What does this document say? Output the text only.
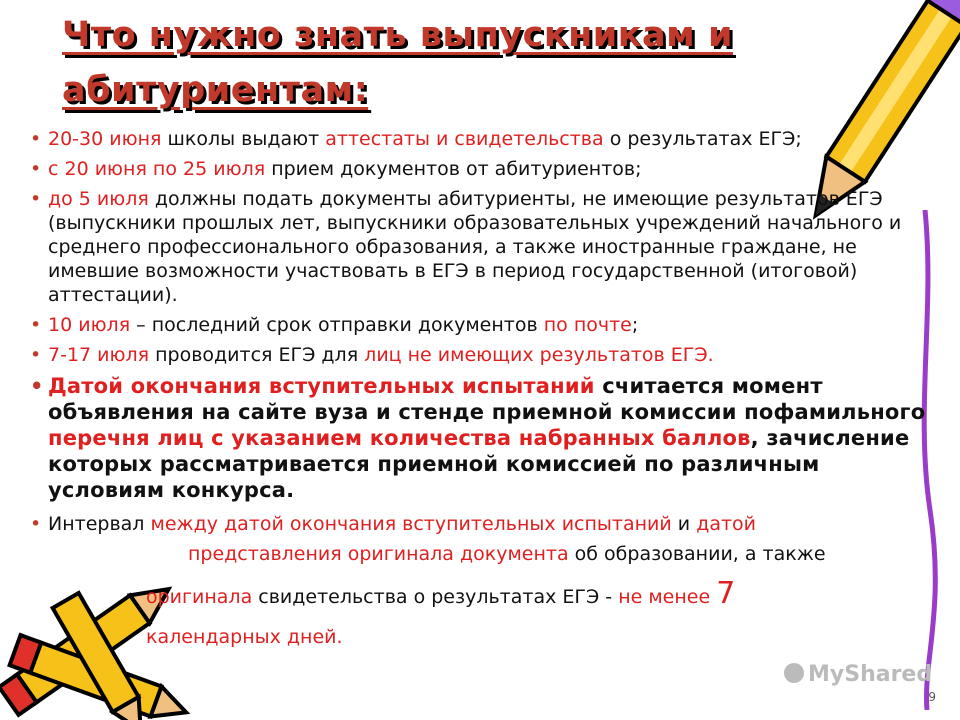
Что нужно знать выпускникам и абитуриентам:
• 20-30 июня школы выдают аттестаты и свидетельства о результатах ЕГЭ;
• с 20 июня по 25 июля прием документов от абитуриентов;
• до 5 июля должны подать документы абитуриенты, не имеющие результатов ЕГЭ (выпускники прошлых лет, выпускники образовательных учреждений начального и среднего профессионального образования, а также иностранные граждане, не имевшие возможности участвовать в ЕГЭ в период государственной (итоговой) аттестации).
• 10 июля – последний срок отправки документов по почте;
• 7-17 июля проводится ЕГЭ для лиц не имеющих результатов ЕГЭ.
• Датой окончания вступительных испытаний считается момент объявления на сайте вуза и стенде приемной комиссии пофамильного перечня лиц с указанием количества набранных баллов, зачисление которых рассматривается приемной комиссией по различным условиям конкурса.
• Интервал между датой окончания вступительных испытаний и датой
представления оригинала документа об образовании, а также
оригинала свидетельства о результатах ЕГЭ - не менее 7
календарных дней.
MyShared
9
